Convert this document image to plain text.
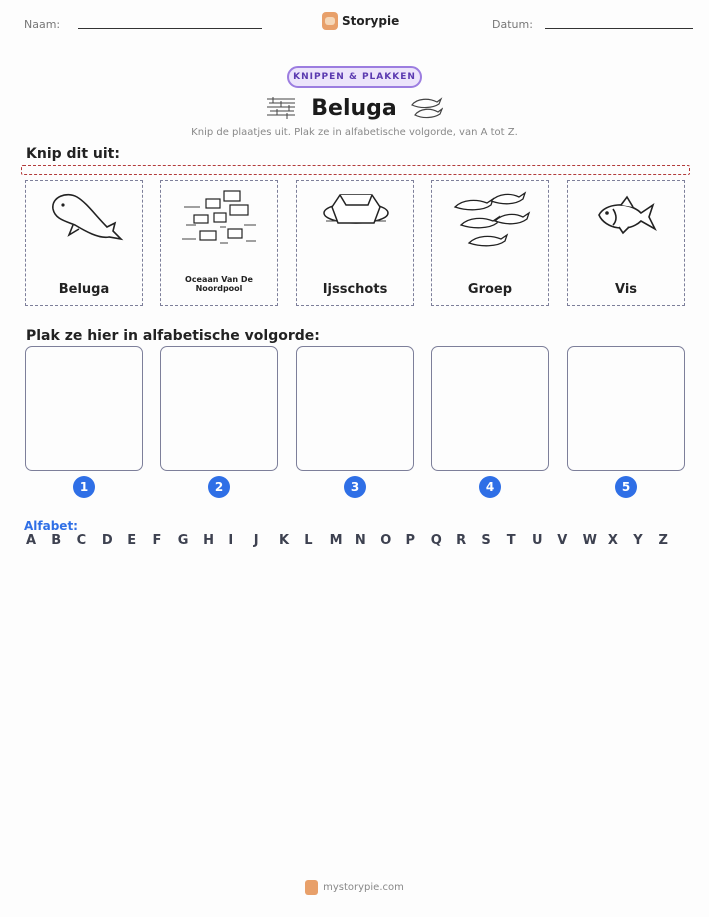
Naam:	Storypie	Datum:
KNIPPEN & PLAKKEN
Beluga
Knip de plaatjes uit. Plak ze in alfabetische volgorde, van A tot Z.
Knip dit uit:
Beluga
Oceaan Van De Noordpool	Ijsschots	Groep	Vis
Plak ze hier in alfabetische volgorde:
1	2	3	4	5
Alfabet:
A B C D E F G H I J K L M N O P Q R S T U V W X Y Z
mystorypie.com
